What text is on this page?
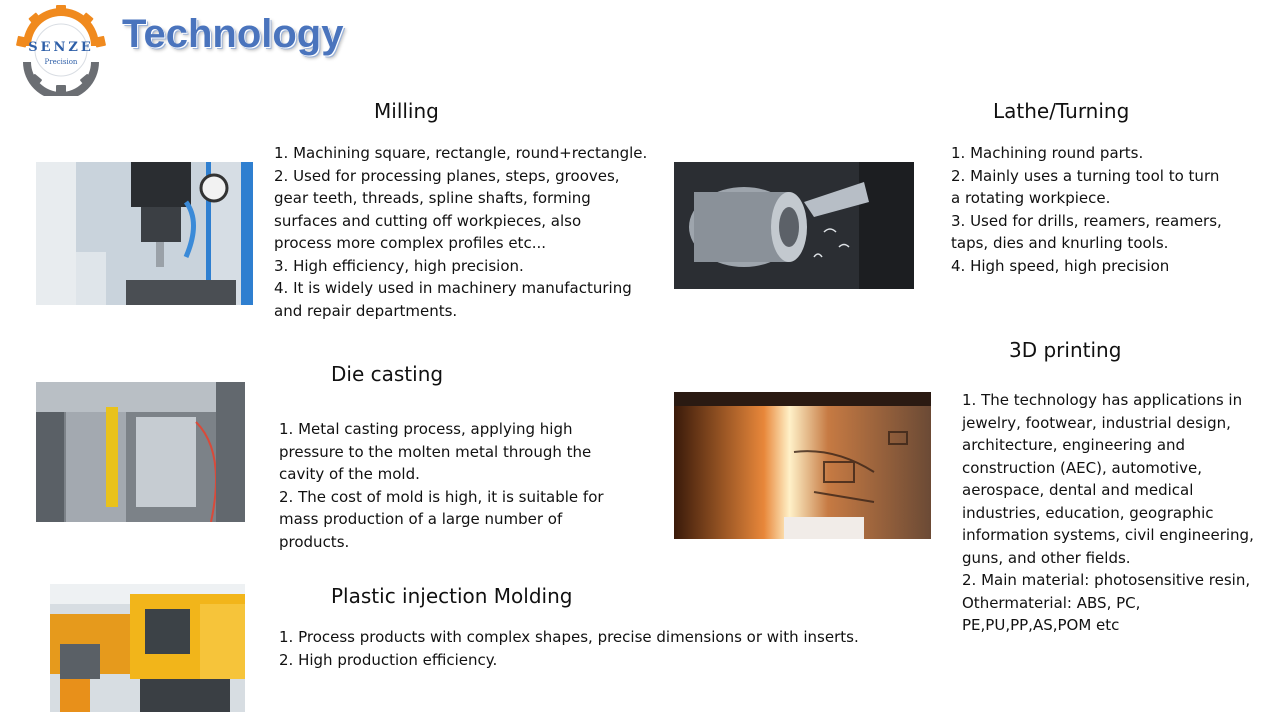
SENZE
Precision
Technology
Milling
1. Machining square, rectangle, round+rectangle.
2. Used for processing planes, steps, grooves,
gear teeth, threads, spline shafts, forming
surfaces and cutting off workpieces, also
process more complex profiles etc...
3. High efficiency, high precision.
4. It is widely used in machinery manufacturing
and repair departments.
Lathe/Turning
1. Machining round parts.
2. Mainly uses a turning tool to turn
a rotating workpiece.
3. Used for drills, reamers, reamers,
taps, dies and knurling tools.
4. High speed, high precision
Die casting
1. Metal casting process, applying high
pressure to the molten metal through the
cavity of the mold.
2. The cost of mold is high, it is suitable for
mass production of a large number of
products.
3D printing
1. The technology has applications in
jewelry, footwear, industrial design,
architecture, engineering and
construction (AEC), automotive,
aerospace, dental and medical
industries, education, geographic
information systems, civil engineering,
guns, and other fields.
2. Main material: photosensitive resin,
Othermaterial: ABS, PC,
PE,PU,PP,AS,POM etc
Plastic injection Molding
1. Process products with complex shapes, precise dimensions or with inserts.
2. High production efficiency.
